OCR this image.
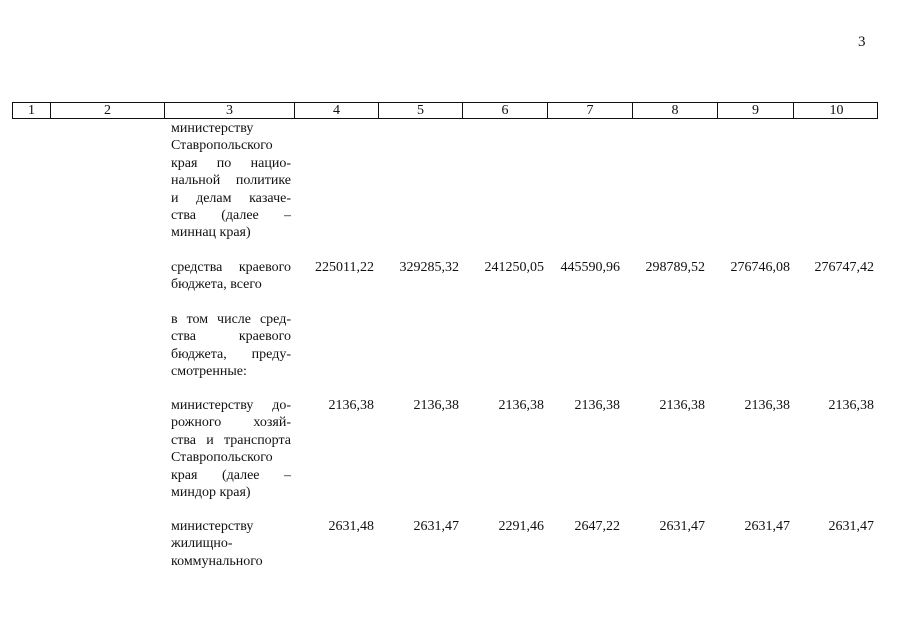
3
1	2	3	4	5	6	7	8	9	10
министерству
Ставропольского
края по нацио-
нальной политике
и делам казаче-
ства (далее –
миннац края)
средства краевого
бюджета, всего
225011,22 329285,32 241250,05 445590,96 298789,52 276746,08 276747,42
в том числе сред-
ства краевого
бюджета, преду-
смотренные:
министерству до-
рожного хозяй-
ства и транспорта
Ставропольского
края (далее –
миндор края)
2136,38	2136,38	2136,38 2136,38	2136,38	2136,38	2136,38
министерству
жилищно-
коммунального
2631,48	2631,47	2291,46 2647,22	2631,47	2631,47	2631,47
